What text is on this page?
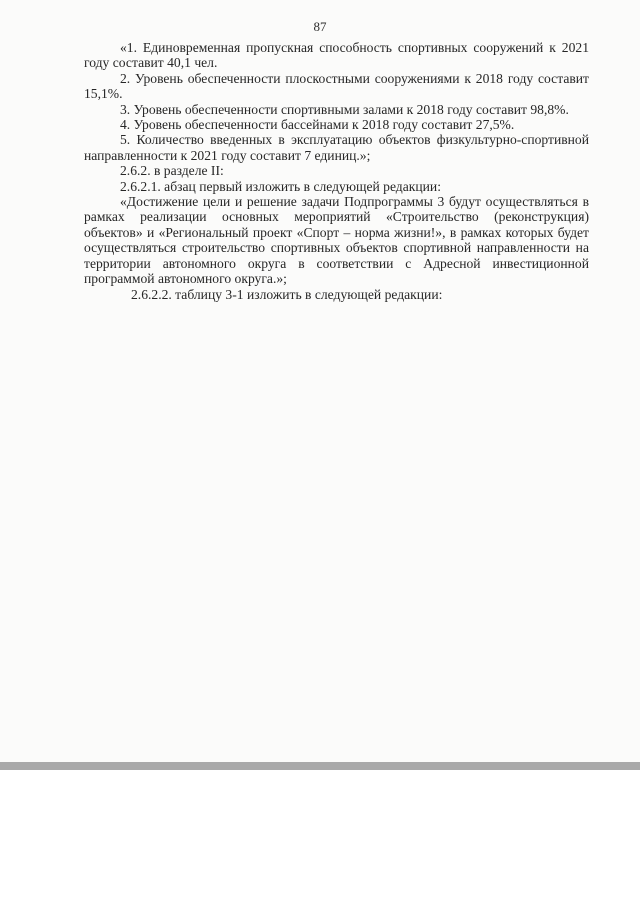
87

«1. Единовременная пропускная способность спортивных сооружений к 2021 году составит 40,1 чел.

2. Уровень обеспеченности плоскостными сооружениями к 2018 году составит 15,1%.

3. Уровень обеспеченности спортивными залами к 2018 году составит 98,8%.

4. Уровень обеспеченности бассейнами к 2018 году составит 27,5%.

5. Количество введенных в эксплуатацию объектов физкультурно-спортивной направленности к 2021 году составит 7 единиц.»;

2.6.2. в разделе II:

2.6.2.1. абзац первый изложить в следующей редакции:

«Достижение цели и решение задачи Подпрограммы 3 будут осуществляться в рамках реализации основных мероприятий «Строительство (реконструкция) объектов» и «Региональный проект «Спорт – норма жизни!», в рамках которых будет осуществляться строительство спортивных объектов спортивной направленности на территории автономного округа в соответствии с Адресной инвестиционной программой автономного округа.»;

2.6.2.2. таблицу 3-1 изложить в следующей редакции:
